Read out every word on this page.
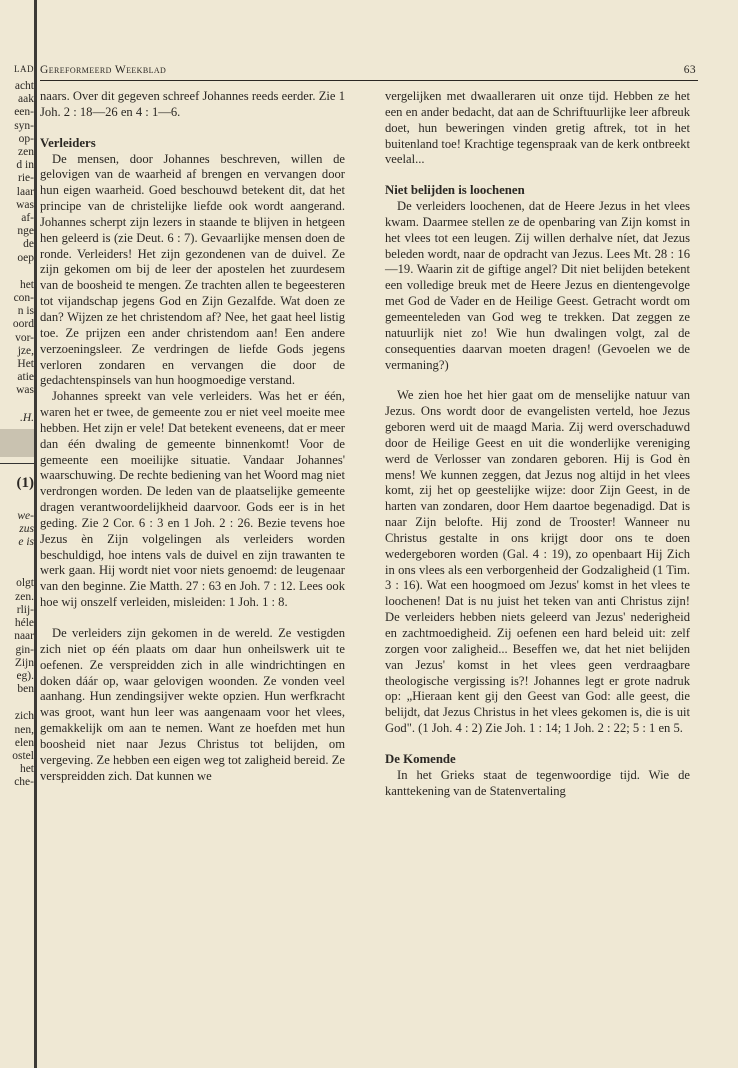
LAD
acht
aak
een-
syn-
op-
zen
d in
rie-
laar
was
af-
nge
de
oep
het
con-
n is
oord
vor-
jze,
Het
atie
was
.H.
(1)
we-
zus
e is
olgt
zen.
rlij-
héle
naar
gin-
Zijn
eg).
ben
zich
nen,
elen
ostel
het
che-
Gereformeerd Weekblad	63

naars. Over dit gegeven schreef Johannes reeds eerder. Zie 1 Joh. 2 : 18—26 en 4 : 1—6.

Verleiders

De mensen, door Johannes beschreven, willen de gelovigen van de waarheid af brengen en vervangen door hun eigen waarheid. Goed beschouwd betekent dit, dat het principe van de christelijke liefde ook wordt aangerand. Johannes scherpt zijn lezers in staande te blijven in hetgeen hen geleerd is (zie Deut. 6 : 7). Gevaarlijke mensen doen de ronde. Verleiders! Het zijn gezondenen van de duivel. Ze zijn gekomen om bij de leer der apostelen het zuurdesem van de boosheid te mengen. Ze trachten allen te begeesteren tot vijandschap jegens God en Zijn Gezalfde. Wat doen ze dan? Wijzen ze het christendom af? Nee, het gaat heel listig toe. Ze prijzen een ander christendom aan! Een andere verzoeningsleer. Ze verdringen de liefde Gods jegens verloren zondaren en vervangen die door de gedachtenspinsels van hun hoogmoedige verstand.

Johannes spreekt van vele verleiders. Was het er één, waren het er twee, de gemeente zou er niet veel moeite mee hebben. Het zijn er vele! Dat betekent eveneens, dat er meer dan één dwaling de gemeente binnenkomt! Voor de gemeente een moeilijke situatie. Vandaar Johannes' waarschuwing. De rechte bediening van het Woord mag niet verdrongen worden. De leden van de plaatselijke gemeente dragen verantwoordelijkheid daarvoor. Gods eer is in het geding. Zie 2 Cor. 6 : 3 en 1 Joh. 2 : 26. Bezie tevens hoe Jezus èn Zijn volgelingen als verleiders worden beschuldigd, hoe intens vals de duivel en zijn trawanten te werk gaan. Hij wordt niet voor niets genoemd: de leugenaar van den beginne. Zie Matth. 27 : 63 en Joh. 7 : 12. Lees ook hoe wij onszelf verleiden, misleiden: 1 Joh. 1 : 8.

De verleiders zijn gekomen in de wereld. Ze vestigden zich niet op één plaats om daar hun onheilswerk uit te oefenen. Ze verspreidden zich in alle windrichtingen en doken dáár op, waar gelovigen woonden. Ze vonden veel aanhang. Hun zendingsijver wekte opzien. Hun werfkracht was groot, want hun leer was aangenaam voor het vlees, gemakkelijk om aan te nemen. Want ze hoefden met hun boosheid niet naar Jezus Christus tot belijden, om vergeving. Ze hebben een eigen weg tot zaligheid bereid. Ze verspreidden zich. Dat kunnen we

vergelijken met dwaalleraren uit onze tijd. Hebben ze het een en ander bedacht, dat aan de Schriftuurlijke leer afbreuk doet, hun beweringen vinden gretig aftrek, tot in het buitenland toe! Krachtige tegenspraak van de kerk ontbreekt veelal...

Niet belijden is loochenen

De verleiders loochenen, dat de Heere Jezus in het vlees kwam. Daarmee stellen ze de openbaring van Zijn komst in het vlees tot een leugen. Zij willen derhalve níet, dat Jezus beleden wordt, naar de opdracht van Jezus. Lees Mt. 28 : 16—19. Waarin zit de giftige angel? Dit niet belijden betekent een volledige breuk met de Heere Jezus en dientengevolge met God de Vader en de Heilige Geest. Getracht wordt om gemeenteleden van God weg te trekken. Dat zeggen ze natuurlijk niet zo! Wie hun dwalingen volgt, zal de consequenties daarvan moeten dragen! (Gevoelen we de vermaning?)

We zien hoe het hier gaat om de menselijke natuur van Jezus. Ons wordt door de evangelisten verteld, hoe Jezus geboren werd uit de maagd Maria. Zij werd overschaduwd door de Heilige Geest en uit die wonderlijke vereniging werd de Verlosser van zondaren geboren. Hij is God èn mens! We kunnen zeggen, dat Jezus nog altijd in het vlees komt, zij het op geestelijke wijze: door Zijn Geest, in de harten van zondaren, door Hem daartoe begenadigd. Dat is naar Zijn belofte. Hij zond de Trooster! Wanneer nu Christus gestalte in ons krijgt door ons te doen wedergeboren worden (Gal. 4 : 19), zo openbaart Hij Zich in ons vlees als een verborgenheid der Godzaligheid (1 Tim. 3 : 16). Wat een hoogmoed om Jezus' komst in het vlees te loochenen! Dat is nu juist het teken van anti Christus zijn! De verleiders hebben niets geleerd van Jezus' nederigheid en zachtmoedigheid. Zij oefenen een hard beleid uit: zelf zorgen voor zaligheid... Beseffen we, dat het niet belijden van Jezus' komst in het vlees geen verdraagbare theologische vergissing is?! Johannes legt er grote nadruk op: „Hieraan kent gij den Geest van God: alle geest, die belijdt, dat Jezus Christus in het vlees gekomen is, die is uit God". (1 Joh. 4 : 2) Zie Joh. 1 : 14; 1 Joh. 2 : 22; 5 : 1 en 5.

De Komende

In het Grieks staat de tegenwoordige tijd. Wie de kanttekening van de Statenvertaling
